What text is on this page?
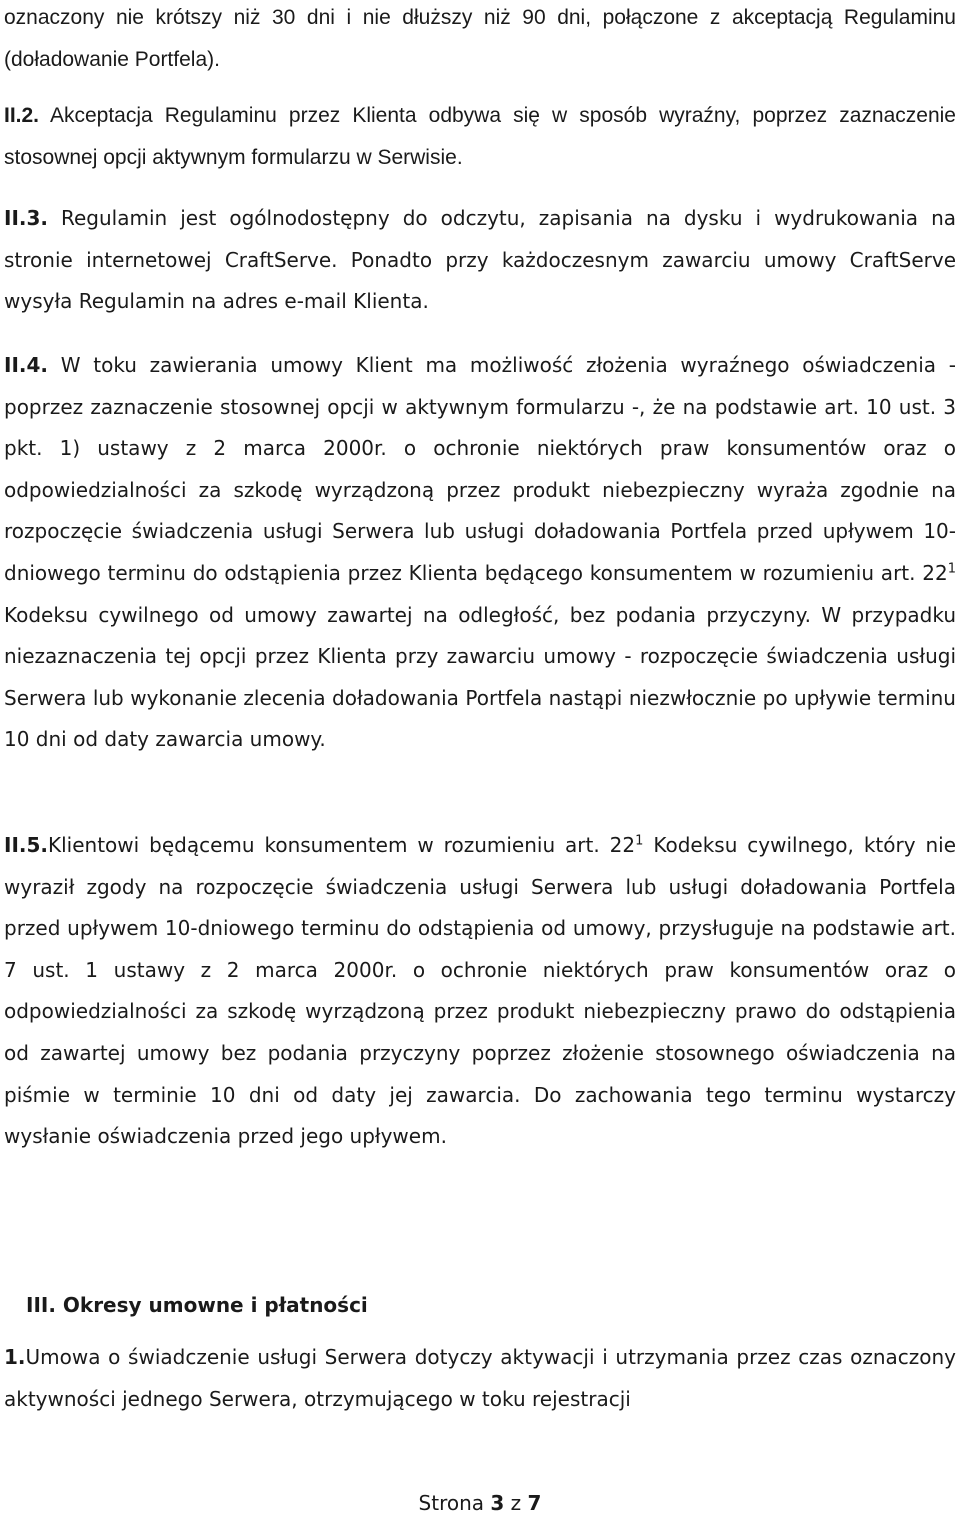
oznaczony nie krótszy niż 30 dni i nie dłuższy niż 90 dni, połączone z akceptacją Regulaminu (doładowanie Portfela).

II.2. Akceptacja Regulaminu przez Klienta odbywa się w sposób wyraźny, poprzez zaznaczenie stosownej opcji aktywnym formularzu w Serwisie.

II.3. Regulamin jest ogólnodostępny do odczytu, zapisania na dysku i wydrukowania na stronie internetowej CraftServe. Ponadto przy każdoczesnym zawarciu umowy CraftServe wysyła Regulamin na adres e-mail Klienta.

II.4. W toku zawierania umowy Klient ma możliwość złożenia wyraźnego oświadczenia - poprzez zaznaczenie stosownej opcji w aktywnym formularzu -, że na podstawie art. 10 ust. 3 pkt. 1) ustawy z 2 marca 2000r. o ochronie niektórych praw konsumentów oraz o odpowiedzialności za szkodę wyrządzoną przez produkt niebezpieczny wyraża zgodnie na rozpoczęcie świadczenia usługi Serwera lub usługi doładowania Portfela przed upływem 10-dniowego terminu do odstąpienia przez Klienta będącego konsumentem w rozumieniu art. $22^1$ Kodeksu cywilnego od umowy zawartej na odległość, bez podania przyczyny. W przypadku niezaznaczenia tej opcji przez Klienta przy zawarciu umowy - rozpoczęcie świadczenia usługi Serwera lub wykonanie zlecenia doładowania Portfela nastąpi niezwłocznie po upływie terminu 10 dni od daty zawarcia umowy.

II.5.Klientowi będącemu konsumentem w rozumieniu art. $22^1$ Kodeksu cywilnego, który nie wyraził zgody na rozpoczęcie świadczenia usługi Serwera lub usługi doładowania Portfela przed upływem 10-dniowego terminu do odstąpienia od umowy, przysługuje na podstawie art. 7 ust. 1 ustawy z 2 marca 2000r. o ochronie niektórych praw konsumentów oraz o odpowiedzialności za szkodę wyrządzoną przez produkt niebezpieczny prawo do odstąpienia od zawartej umowy bez podania przyczyny poprzez złożenie stosownego oświadczenia na piśmie w terminie 10 dni od daty jej zawarcia. Do zachowania tego terminu wystarczy wysłanie oświadczenia przed jego upływem.

III. Okresy umowne i płatności

1.Umowa o świadczenie usługi Serwera dotyczy aktywacji i utrzymania przez czas oznaczony aktywności jednego Serwera, otrzymującego w toku rejestracji

Strona 3 z 7
